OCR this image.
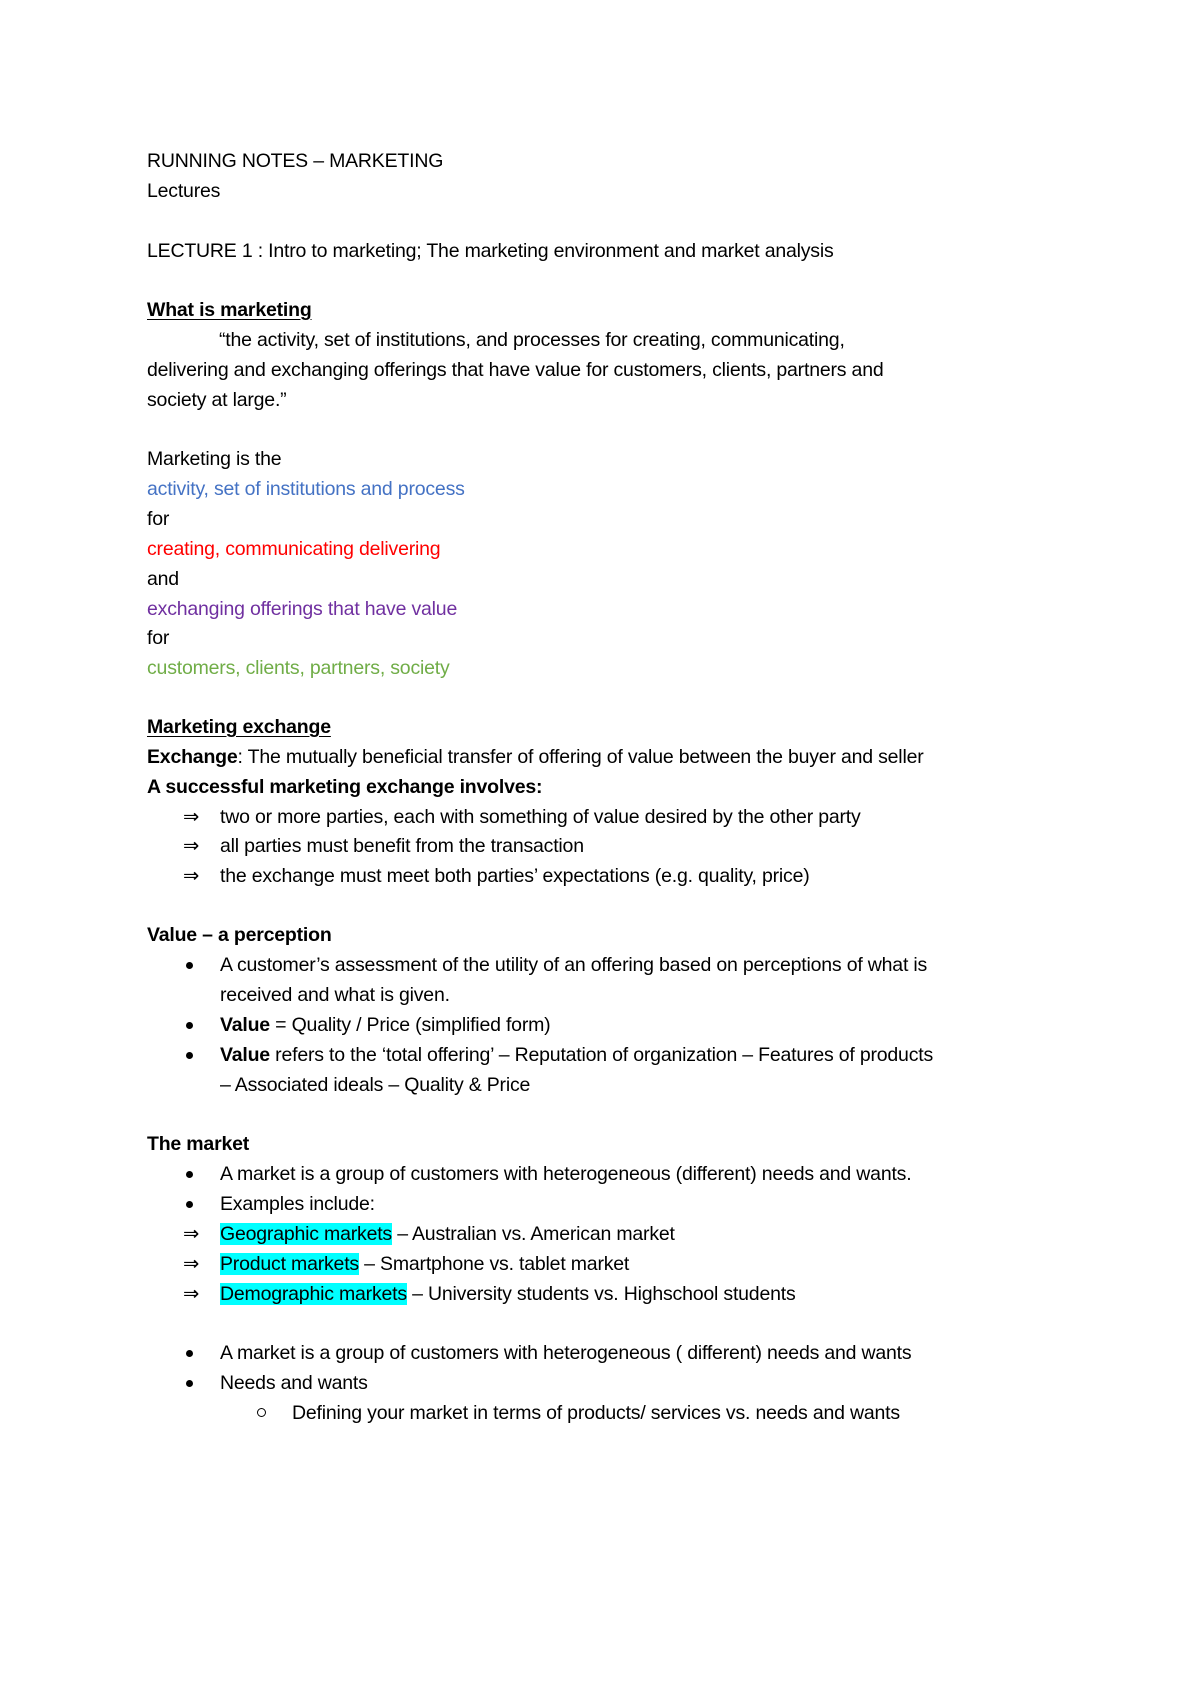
RUNNING NOTES – MARKETING
Lectures
LECTURE 1 : Intro to marketing; The marketing environment and market analysis
What is marketing
“the activity, set of institutions, and processes for creating, communicating,
delivering and exchanging offerings that have value for customers, clients, partners and
society at large.”
Marketing is the
activity, set of institutions and process
for
creating, communicating delivering
and
exchanging offerings that have value
for
customers, clients, partners, society
Marketing exchange
Exchange: The mutually beneficial transfer of offering of value between the buyer and seller
A successful marketing exchange involves:
⇒ two or more parties, each with something of value desired by the other party
⇒ all parties must benefit from the transaction
⇒ the exchange must meet both parties’ expectations (e.g. quality, price)
Value – a perception
A customer’s assessment of the utility of an offering based on perceptions of what is
received and what is given.
Value = Quality / Price (simplified form)
Value refers to the ‘total offering’ – Reputation of organization – Features of products
– Associated ideals – Quality & Price
The market
A market is a group of customers with heterogeneous (different) needs and wants.
Examples include:
⇒ Geographic markets – Australian vs. American market
⇒ Product markets – Smartphone vs. tablet market
⇒ Demographic markets – University students vs. Highschool students
A market is a group of customers with heterogeneous ( different) needs and wants
Needs and wants
Defining your market in terms of products/ services vs. needs and wants
